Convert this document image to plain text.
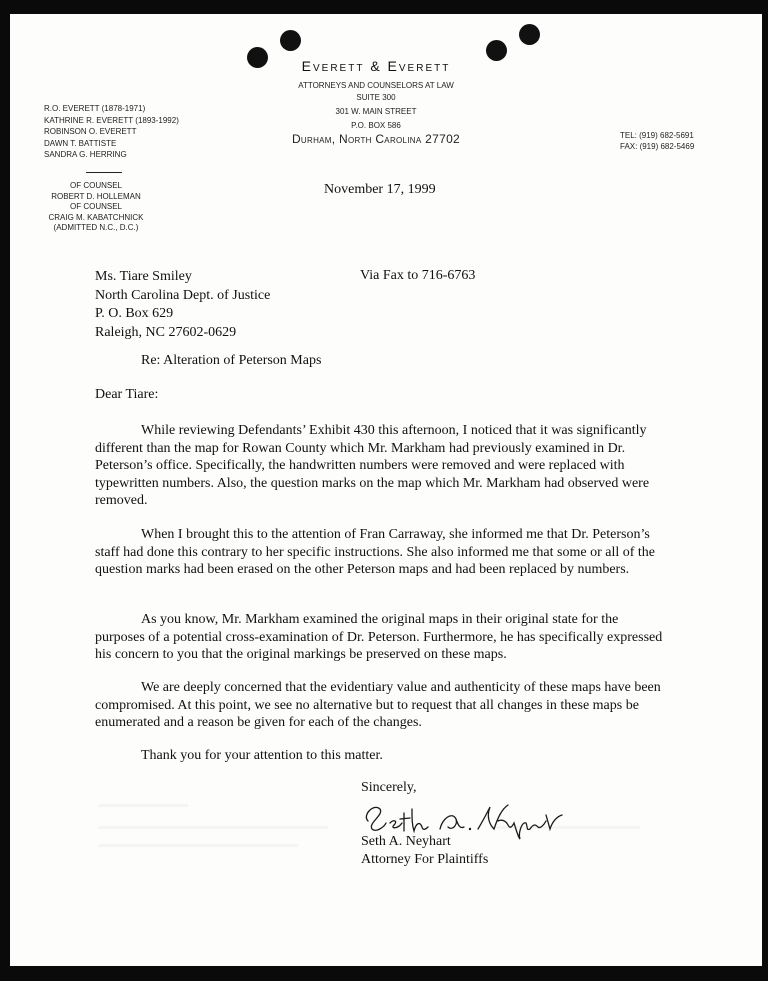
Everett & Everett
ATTORNEYS AND COUNSELORS AT LAW
SUITE 300
301 W. MAIN STREET
P.O. BOX 586
Durham, North Carolina 27702
R.O. EVERETT (1878-1971)
KATHRINE R. EVERETT (1893-1992)
ROBINSON O. EVERETT
DAWN T. BATTISTE
SANDRA G. HERRING
OF COUNSEL
ROBERT D. HOLLEMAN
OF COUNSEL
CRAIG M. KABATCHNICK
(ADMITTED N.C., D.C.)
TEL: (919) 682-5691
FAX: (919) 682-5469
November 17, 1999
Ms. Tiare Smiley
North Carolina Dept. of Justice
P. O. Box 629
Raleigh, NC 27602-0629
Via Fax to 716-6763
Re: Alteration of Peterson Maps
Dear Tiare:

While reviewing Defendants’ Exhibit 430 this afternoon, I noticed that it was significantly different than the map for Rowan County which Mr. Markham had previously examined in Dr. Peterson’s office. Specifically, the handwritten numbers were removed and were replaced with typewritten numbers. Also, the question marks on the map which Mr. Markham had observed were removed.

When I brought this to the attention of Fran Carraway, she informed me that Dr. Peterson’s staff had done this contrary to her specific instructions. She also informed me that some or all of the question marks had been erased on the other Peterson maps and had been replaced by numbers.

As you know, Mr. Markham examined the original maps in their original state for the purposes of a potential cross-examination of Dr. Peterson. Furthermore, he has specifically expressed his concern to you that the original markings be preserved on these maps.

We are deeply concerned that the evidentiary value and authenticity of these maps have been compromised. At this point, we see no alternative but to request that all changes in these maps be enumerated and a reason be given for each of the changes.

Thank you for your attention to this matter.

Sincerely,
Seth A. Neyhart
Attorney For Plaintiffs
